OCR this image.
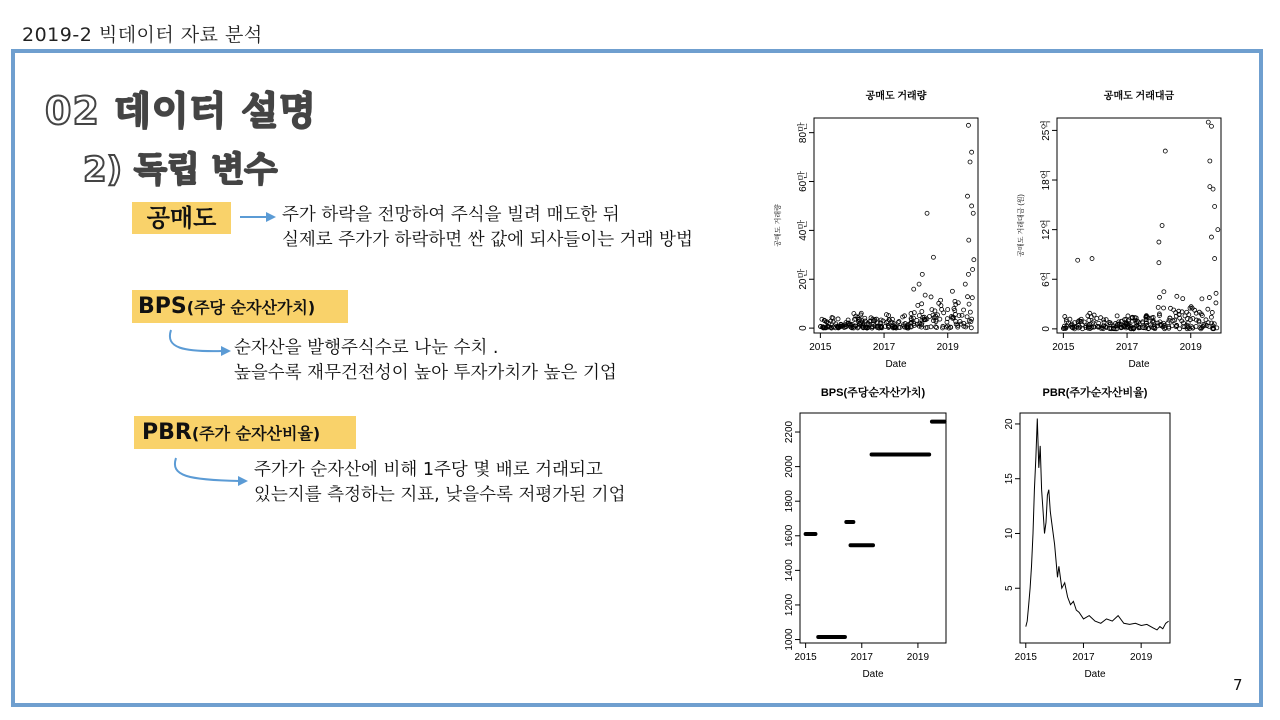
2019-2 빅데이터 자료 분석
02 데이터 설명
2) 독립 변수
공매도	주가 하락을 전망하여 주식을 빌려 매도한 뒤
실제로 주가가 하락하면 싼 값에 되사들이는 거래 방법
BPS(주당 순자산가치)
순자산을 발행주식수로 나눈 수치 .
높을수록 재무건전성이 높아 투자가치가 높은 기업
PBR(주가 순자산비율)
주가가 순자산에 비해 1주당 몇 배로 거래되고
있는지를 측정하는 지표, 낮을수록 저평가된 기업
공매도 거래량
2015	2017	2019
Date
0
20만
40만
60만
80만
공매도 거래량
공매도 거래대금
2015	2017	2019
Date
0
6억
12억
18억
25억
공매도 거래대금 (원)
BPS(주당순자산가치)
2015	2017	2019
Date
1000
1200
1400
1600
1800
2000
2200
PBR(주가순자산비율)
2015	2017	2019
Date
5
10
15
20
7
